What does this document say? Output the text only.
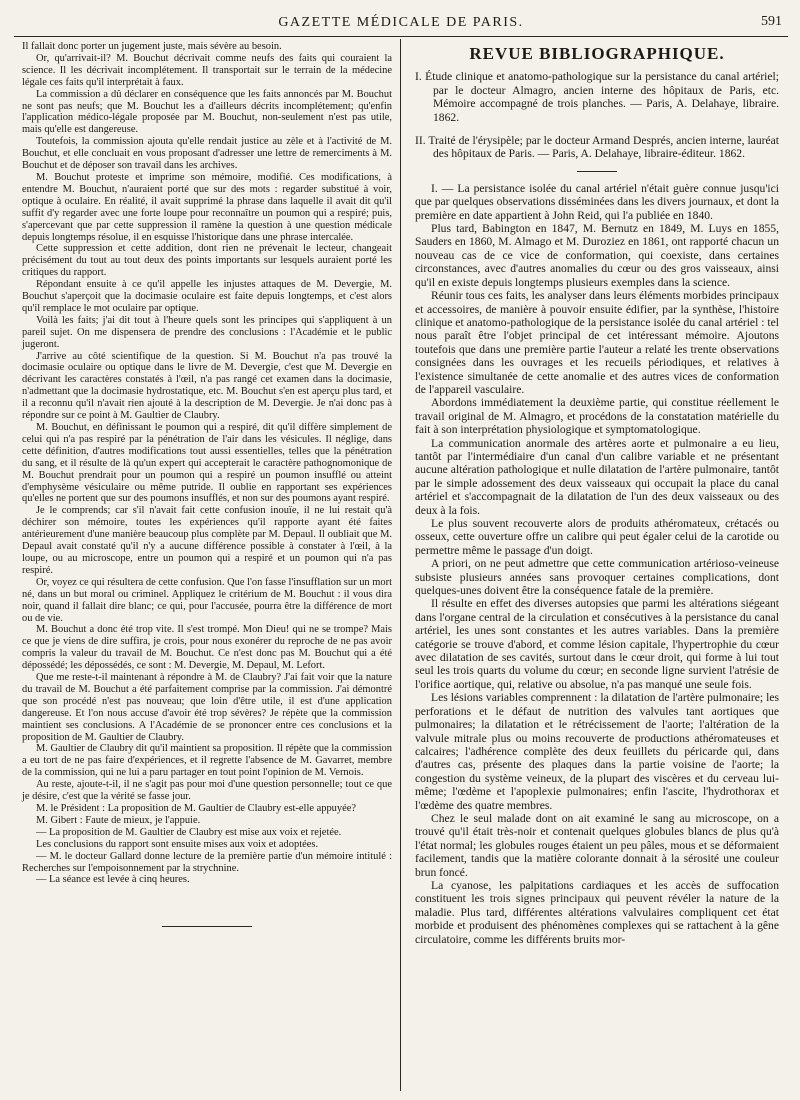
GAZETTE MÉDICALE DE PARIS.	591

Il fallait donc porter un jugement juste, mais sévère au besoin.

Or, qu'arrivait-il? M. Bouchut décrivait comme neufs des faits qui couraient la science. Il les décrivait incomplétement. Il transportait sur le terrain de la médecine légale ces faits qu'il interprétait à faux.

La commission a dû déclarer en conséquence que les faits annoncés par M. Bouchut ne sont pas neufs; que M. Bouchut les a d'ailleurs décrits incomplétement; qu'enfin l'application médico-légale proposée par M. Bouchut, non-seulement n'est pas utile, mais qu'elle est dangereuse.

Toutefois, la commission ajouta qu'elle rendait justice au zèle et à l'activité de M. Bouchut, et elle concluait en vous proposant d'adresser une lettre de remerciments à M. Bouchut et de déposer son travail dans les archives.

M. Bouchut proteste et imprime son mémoire, modifié. Ces modifications, à entendre M. Bouchut, n'auraient porté que sur des mots : regarder substitué à voir, optique à oculaire. En réalité, il avait supprimé la phrase dans laquelle il avait dit qu'il suffit d'y regarder avec une forte loupe pour reconnaître un poumon qui a respiré; puis, s'apercevant que par cette suppression il ramène la question à une question médicale depuis longtemps résolue, il en esquisse l'historique dans une phrase intercalée.

Cette suppression et cette addition, dont rien ne prévenait le lecteur, changeait précisément du tout au tout deux des points importants sur lesquels auraient porté les critiques du rapport.

Répondant ensuite à ce qu'il appelle les injustes attaques de M. Devergie, M. Bouchut s'aperçoit que la docimasie oculaire est faite depuis longtemps, et c'est alors qu'il remplace le mot oculaire par optique.

Voilà les faits; j'ai dit tout à l'heure quels sont les principes qui s'appliquent à un pareil sujet. On me dispensera de prendre des conclusions : l'Académie et le public jugeront.

J'arrive au côté scientifique de la question. Si M. Bouchut n'a pas trouvé la docimasie oculaire ou optique dans le livre de M. Devergie, c'est que M. Devergie en décrivant les caractères constatés à l'œil, n'a pas rangé cet examen dans la docimasie, n'admettant que la docimasie hydrostatique, etc. M. Bouchut s'en est aperçu plus tard, et il a reconnu qu'il n'avait rien ajouté à la description de M. Devergie. Je n'ai donc pas à répondre sur ce point à M. Gaultier de Claubry.

M. Bouchut, en définissant le poumon qui a respiré, dit qu'il diffère simplement de celui qui n'a pas respiré par la pénétration de l'air dans les vésicules. Il néglige, dans cette définition, d'autres modifications tout aussi essentielles, telles que la pénétration du sang, et il résulte de là qu'un expert qui accepterait le caractère pathognomonique de M. Bouchut prendrait pour un poumon qui a respiré un poumon insufflé ou atteint d'emphysème vésiculaire ou même putride. Il oublie en rapportant ses expériences qu'elles ne portent que sur des poumons insufflés, et non sur des poumons ayant respiré.

Je le comprends; car s'il n'avait fait cette confusion inouïe, il ne lui restait qu'à déchirer son mémoire, toutes les expériences qu'il rapporte ayant été faites antérieurement d'une manière beaucoup plus complète par M. Depaul. Il oubliait que M. Depaul avait constaté qu'il n'y a aucune différence possible à constater à l'œil, à la loupe, ou au microscope, entre un poumon qui a respiré et un poumon qui n'a pas respiré.

Or, voyez ce qui résultera de cette confusion. Que l'on fasse l'insufflation sur un mort né, dans un but moral ou criminel. Appliquez le critérium de M. Bouchut : il vous dira noir, quand il fallait dire blanc; ce qui, pour l'accusée, pourra être la différence de mort ou de vie.

M. Bouchut a donc été trop vite. Il s'est trompé. Mon Dieu! qui ne se trompe? Mais ce que je viens de dire suffira, je crois, pour nous exonérer du reproche de ne pas avoir compris la valeur du travail de M. Bouchut. Ce n'est donc pas M. Bouchut qui a été dépossédé; les dépossédés, ce sont : M. Devergie, M. Depaul, M. Lefort.

Que me reste-t-il maintenant à répondre à M. de Claubry? J'ai fait voir que la nature du travail de M. Bouchut a été parfaitement comprise par la commission. J'ai démontré que son procédé n'est pas nouveau; que loin d'être utile, il est d'une application dangereuse. Et l'on nous accuse d'avoir été trop sévères? Je répète que la commission maintient ses conclusions. A l'Académie de se prononcer entre ces conclusions et la proposition de M. Gaultier de Claubry.

M. Gaultier de Claubry dit qu'il maintient sa proposition. Il répète que la commission a eu tort de ne pas faire d'expériences, et il regrette l'absence de M. Gavarret, membre de la commission, qui ne lui a paru partager en tout point l'opinion de M. Vernois.

Au reste, ajoute-t-il, il ne s'agit pas pour moi d'une question personnelle; tout ce que je désire, c'est que la vérité se fasse jour.

M. le Président : La proposition de M. Gaultier de Claubry est-elle appuyée?

M. Gibert : Faute de mieux, je l'appuie.

— La proposition de M. Gaultier de Claubry est mise aux voix et rejetée.

Les conclusions du rapport sont ensuite mises aux voix et adoptées.

— M. le docteur Gallard donne lecture de la première partie d'un mémoire intitulé : Recherches sur l'empoisonnement par la strychnine.

— La séance est levée à cinq heures.

REVUE BIBLIOGRAPHIQUE.

I. Étude clinique et anatomo-pathologique sur la persistance du canal artériel; par le docteur Almagro, ancien interne des hôpitaux de Paris, etc. Mémoire accompagné de trois planches. — Paris, A. Delahaye, libraire. 1862.

II. Traité de l'érysipèle; par le docteur Armand Després, ancien interne, lauréat des hôpitaux de Paris. — Paris, A. Delahaye, libraire-éditeur. 1862.

I. — La persistance isolée du canal artériel n'était guère connue jusqu'ici que par quelques observations disséminées dans les divers journaux, et dont la première en date appartient à John Reid, qui l'a publiée en 1840.

Plus tard, Babington en 1847, M. Bernutz en 1849, M. Luys en 1855, Sauders en 1860, M. Almago et M. Duroziez en 1861, ont rapporté chacun un nouveau cas de ce vice de conformation, qui coexiste, dans certaines circonstances, avec d'autres anomalies du cœur ou des gros vaisseaux, ainsi qu'il en existe depuis longtemps plusieurs exemples dans la science.

Réunir tous ces faits, les analyser dans leurs éléments morbides principaux et accessoires, de manière à pouvoir ensuite édifier, par la synthèse, l'histoire clinique et anatomo-pathologique de la persistance isolée du canal artériel : tel nous paraît être l'objet principal de cet intéressant mémoire. Ajoutons toutefois que dans une première partie l'auteur a relaté les trente observations consignées dans les ouvrages et les recueils périodiques, et relatives à l'existence simultanée de cette anomalie et des autres vices de conformation de l'appareil vasculaire.

Abordons immédiatement la deuxième partie, qui constitue réellement le travail original de M. Almagro, et procédons de la constatation matérielle du fait à son interprétation physiologique et symptomatologique.

La communication anormale des artères aorte et pulmonaire a eu lieu, tantôt par l'intermédiaire d'un canal d'un calibre variable et ne présentant aucune altération pathologique et nulle dilatation de l'artère pulmonaire, tantôt par le simple adossement des deux vaisseaux qui occupait la place du canal artériel et s'accompagnait de la dilatation de l'un des deux vaisseaux ou des deux à la fois.

Le plus souvent recouverte alors de produits athéromateux, crétacés ou osseux, cette ouverture offre un calibre qui peut égaler celui de la carotide ou permettre même le passage d'un doigt.

A priori, on ne peut admettre que cette communication artérioso-veineuse subsiste plusieurs années sans provoquer certaines complications, dont quelques-unes doivent être la conséquence fatale de la première.

Il résulte en effet des diverses autopsies que parmi les altérations siégeant dans l'organe central de la circulation et consécutives à la persistance du canal artériel, les unes sont constantes et les autres variables. Dans la première catégorie se trouve d'abord, et comme lésion capitale, l'hypertrophie du cœur avec dilatation de ses cavités, surtout dans le cœur droit, qui forme à lui tout seul les trois quarts du volume du cœur; en seconde ligne survient l'atrésie de l'orifice aortique, qui, relative ou absolue, n'a pas manqué une seule fois.

Les lésions variables comprennent : la dilatation de l'artère pulmonaire; les perforations et le défaut de nutrition des valvules tant aortiques que pulmonaires; la dilatation et le rétrécissement de l'aorte; l'altération de la valvule mitrale plus ou moins recouverte de productions athéromateuses et calcaires; l'adhérence complète des deux feuillets du péricarde qui, dans d'autres cas, présente des plaques dans la partie voisine de l'aorte; la congestion du système veineux, de la plupart des viscères et du cerveau lui-même; l'œdème et l'apoplexie pulmonaires; enfin l'ascite, l'hydrothorax et l'œdème des quatre membres.

Chez le seul malade dont on ait examiné le sang au microscope, on a trouvé qu'il était très-noir et contenait quelques globules blancs de plus qu'à l'état normal; les globules rouges étaient un peu pâles, mous et se déformaient facilement, tandis que la matière colorante donnait à la sérosité une couleur brun foncé.

La cyanose, les palpitations cardiaques et les accès de suffocation constituent les trois signes principaux qui peuvent révéler la nature de la maladie. Plus tard, différentes altérations valvulaires compliquent cet état morbide et produisent des phénomènes complexes qui se rattachent à la gêne circulatoire, comme les différents bruits mor-
